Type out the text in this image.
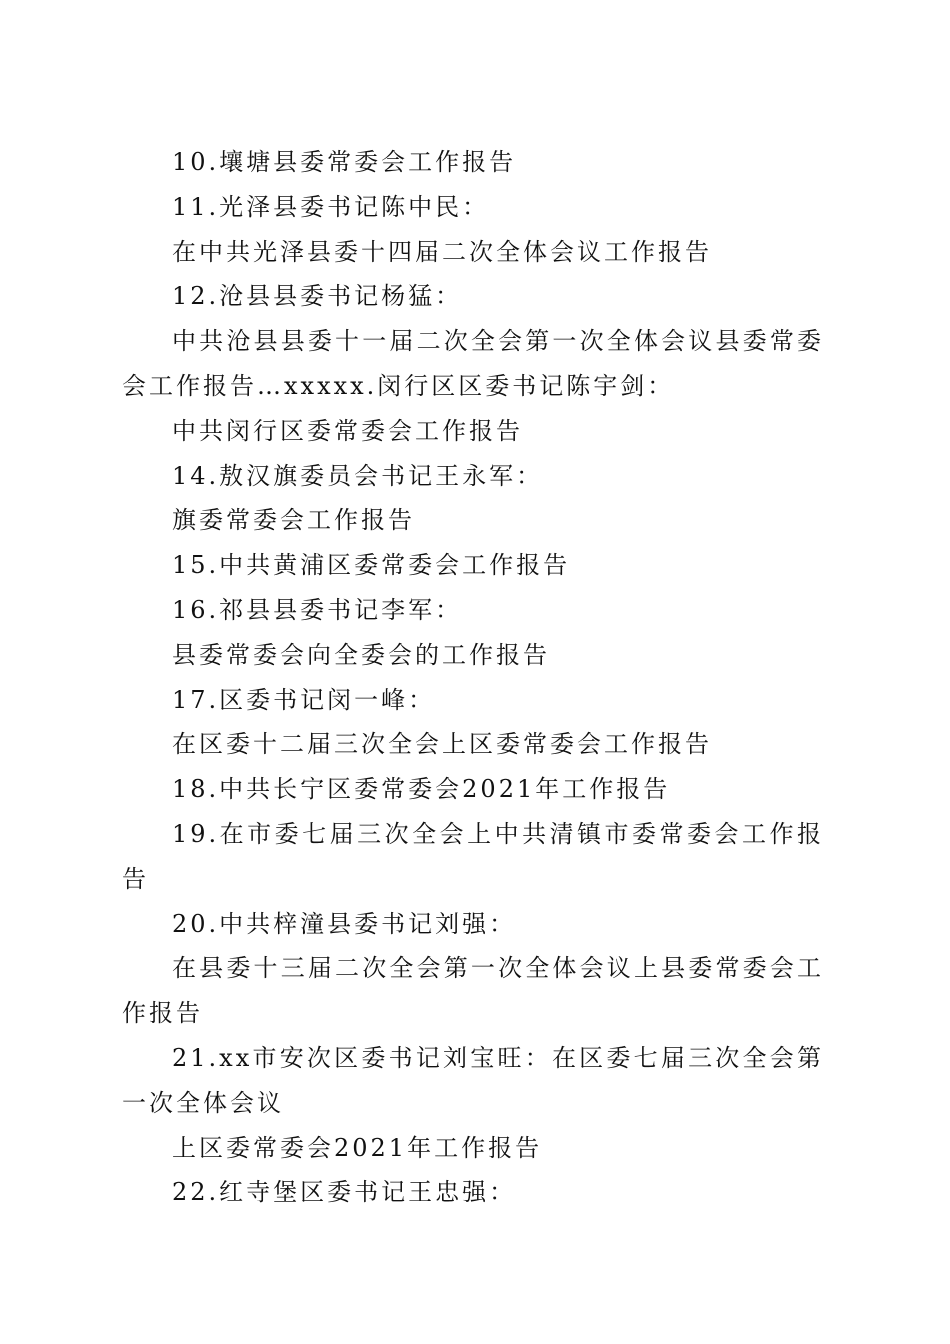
10.壤塘县委常委会工作报告

11.光泽县委书记陈中民：

在中共光泽县委十四届二次全体会议工作报告

12.沧县县委书记杨猛：

中共沧县县委十一届二次全会第一次全体会议县委常委会工作报告…xxxxx.闵行区区委书记陈宇剑：

中共闵行区委常委会工作报告

14.敖汉旗委员会书记王永军：

旗委常委会工作报告

15.中共黄浦区委常委会工作报告

16.祁县县委书记李军：

县委常委会向全委会的工作报告

17.区委书记闵一峰：

在区委十二届三次全会上区委常委会工作报告

18.中共长宁区委常委会2021年工作报告

19.在市委七届三次全会上中共清镇市委常委会工作报告

20.中共梓潼县委书记刘强：

在县委十三届二次全会第一次全体会议上县委常委会工作报告

21.xx市安次区委书记刘宝旺：在区委七届三次全会第一次全体会议

上区委常委会2021年工作报告

22.红寺堡区委书记王忠强：
